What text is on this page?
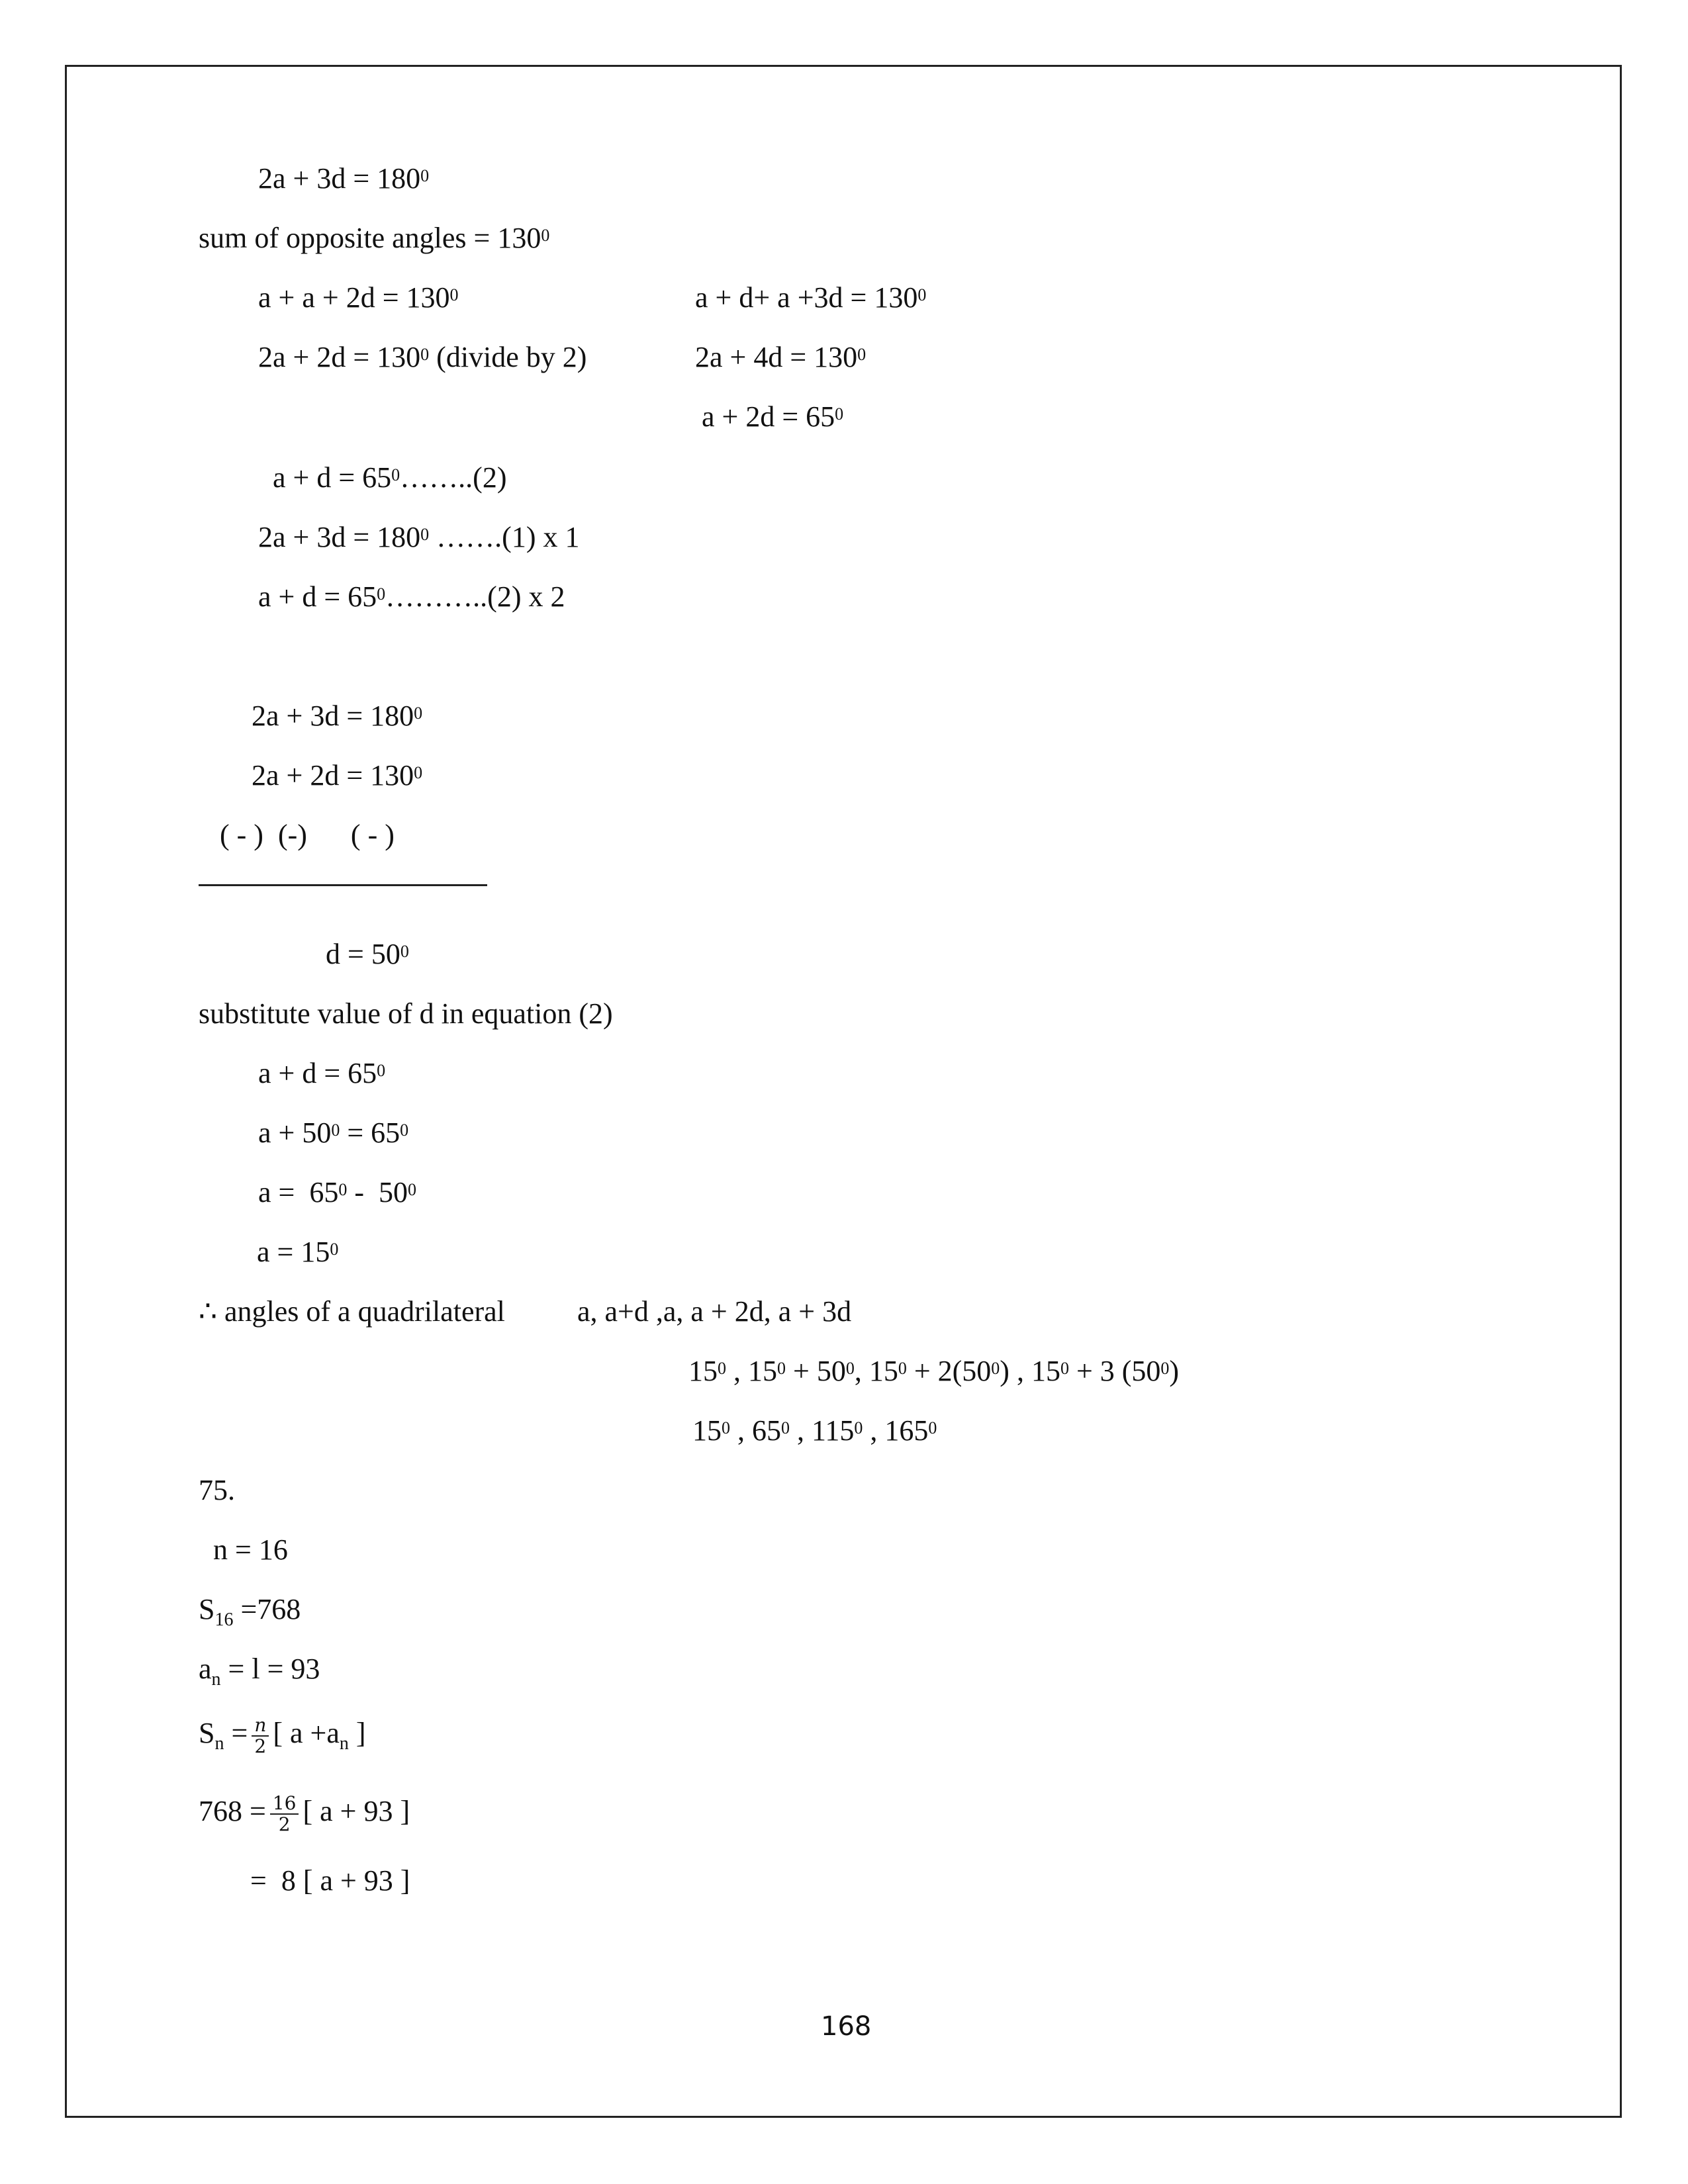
$2a + 3d = 180^0$
sum of opposite angles = $130^0$
$a + a + 2d = 130^0$	$a + d+ a +3d = 130^0$
$2a + 2d = 130^0$ (divide by 2)	$2a + 4d = 130^0$
$a + 2d = 65^0$
$a + d = 65^0\dots\dots..(2)$
$2a + 3d = 180^0$ …….(1) x 1
$a + d = 65^0\dots\dots\dots..(2)$ x 2
$2a + 3d = 180^0$
$2a + 2d = 130^0$
( - )  (-)      ( - )
$d = 50^0$
substitute value of d in equation (2)
$a + d = 65^0$
$a + 50^0 = 65^0$
$a = 65^0 - 50^0$
$a = 15^0$
∴ angles of a quadrilateral a, a+d ,a, a + 2d, a + 3d
$15^0$ , $15^0 + 50^0$, $15^0 + 2(50^0)$ , $15^0 + 3$ $(50^0)$
$15^0$ , $65^0$ , $115^0$ , $165^0$
75.
n = 16
$S_{16} =768$
$a_n = l = 93$
$S_n = \frac{n}{2}$ [ $a +a_n$ ]
$768 = \frac{16}{2}$ [ a + 93 ]
=  8 [ a + 93 ]
168
